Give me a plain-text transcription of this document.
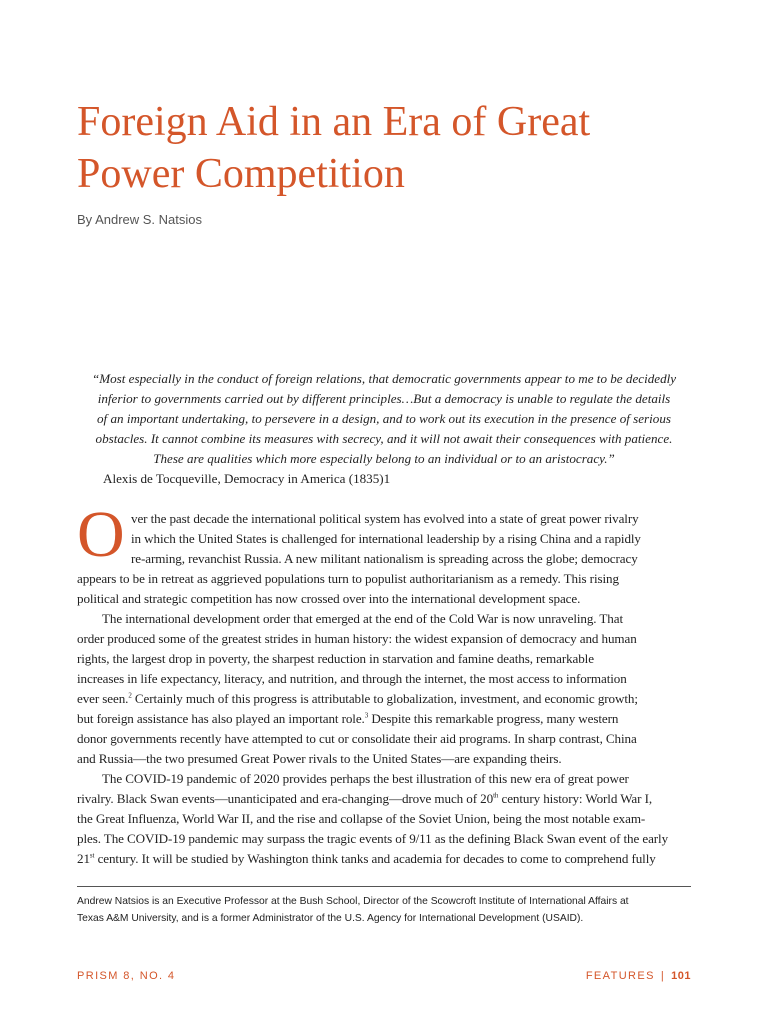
Foreign Aid in an Era of Great
Power Competition

By Andrew S. Natsios

“Most especially in the conduct of foreign relations, that democratic governments appear to me to be decidedly
inferior to governments carried out by different principles…But a democracy is unable to regulate the details
of an important undertaking, to persevere in a design, and to work out its execution in the presence of serious
obstacles. It cannot combine its measures with secrecy, and it will not await their consequences with patience.
These are qualities which more especially belong to an individual or to an aristocracy.”
Alexis de Tocqueville, Democracy in America (1835)1
O ver the past decade the international political system has evolved into a state of great power rivalry
in which the United States is challenged for international leadership by a rising China and a rapidly
re-arming, revanchist Russia. A new militant nationalism is spreading across the globe; democracy
appears to be in retreat as aggrieved populations turn to populist authoritarianism as a remedy. This rising
political and strategic competition has now crossed over into the international development space.
The international development order that emerged at the end of the Cold War is now unraveling. That
order produced some of the greatest strides in human history: the widest expansion of democracy and human
rights, the largest drop in poverty, the sharpest reduction in starvation and famine deaths, remarkable
increases in life expectancy, literacy, and nutrition, and through the internet, the most access to information
ever seen.$^2$ Certainly much of this progress is attributable to globalization, investment, and economic growth;
but foreign assistance has also played an important role.$^3$ Despite this remarkable progress, many western
donor governments recently have attempted to cut or consolidate their aid programs. In sharp contrast, China
and Russia—the two presumed Great Power rivals to the United States—are expanding theirs.
The COVID-19 pandemic of 2020 provides perhaps the best illustration of this new era of great power
rivalry. Black Swan events—unanticipated and era-changing—drove much of 20th century history: World War I,
the Great Influenza, World War II, and the rise and collapse of the Soviet Union, being the most notable exam-
ples. The COVID-19 pandemic may surpass the tragic events of 9/11 as the defining Black Swan event of the early
21st century. It will be studied by Washington think tanks and academia for decades to come to comprehend fully
Andrew Natsios is an Executive Professor at the Bush School, Director of the Scowcroft Institute of International Affairs at
Texas A&M University, and is a former Administrator of the U.S. Agency for International Development (USAID).
PRISM 8, NO. 4	FEATURES | 101
